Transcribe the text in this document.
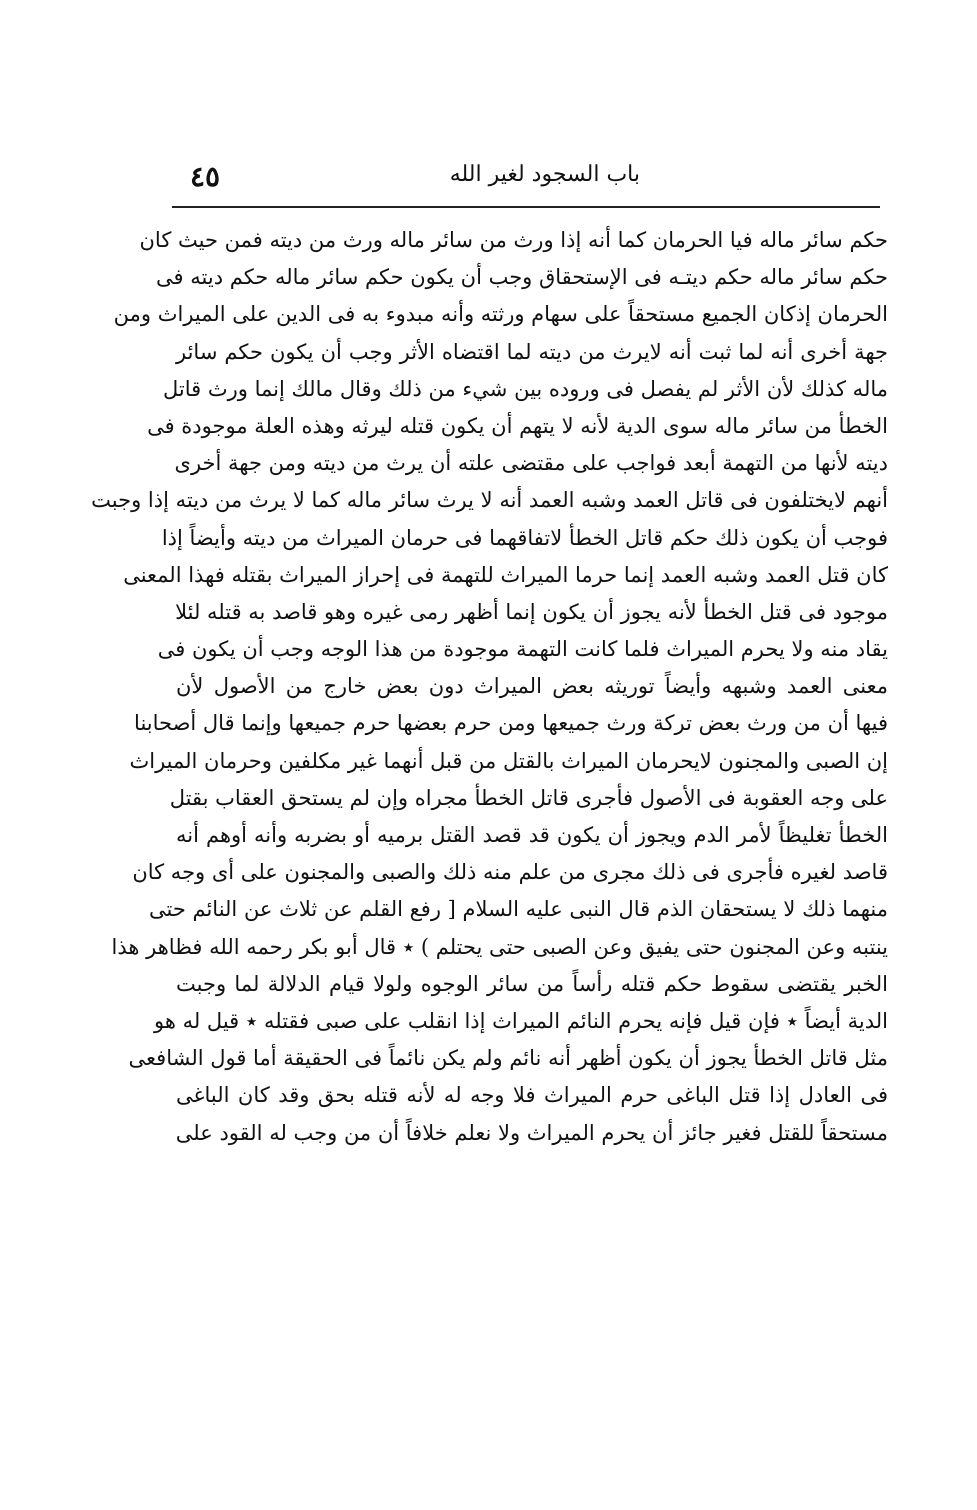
باب السجود لغير الله
٤٥
حكم سائر ماله فيا الحرمان كما أنه إذا ورث من سائر ماله ورث من ديته فمن حيث كان
حكم سائر ماله حكم ديتـه فى الإستحقاق وجب أن يكون حكم سائر ماله حكم ديته فى
الحرمان إذكان الجميع مستحقاً على سهام ورثته وأنه مبدوء به فى الدين على الميراث ومن
جهة أخرى أنه لما ثبت أنه لايرث من ديته لما اقتضاه الأثر وجب أن يكون حكم سائر
ماله كذلك لأن الأثر لم يفصل فى وروده بين شيء من ذلك وقال مالك إنما ورث قاتل
الخطأ من سائر ماله سوى الدية لأنه لا يتهم أن يكون قتله ليرثه وهذه العلة موجودة فى
ديته لأنها من التهمة أبعد فواجب على مقتضى علته أن يرث من ديته ومن جهة أخرى
أنهم لايختلفون فى قاتل العمد وشبه العمد أنه لا يرث سائر ماله كما لا يرث من ديته إذا وجبت
فوجب أن يكون ذلك حكم قاتل الخطأ لاتفاقهما فى حرمان الميراث من ديته وأيضاً إذا
كان قتل العمد وشبه العمد إنما حرما الميراث للتهمة فى إحراز الميراث بقتله فهذا المعنى
موجود فى قتل الخطأ لأنه يجوز أن يكون إنما أظهر رمى غيره وهو قاصد به قتله لئلا
يقاد منه ولا يحرم الميراث فلما كانت التهمة موجودة من هذا الوجه وجب أن يكون فى
معنى العمد وشبهه وأيضاً توريثه بعض الميراث دون بعض خارج من الأصول لأن
فيها أن من ورث بعض تركة ورث جميعها ومن حرم بعضها حرم جميعها وإنما قال أصحابنا
إن الصبى والمجنون لايحرمان الميراث بالقتل من قبل أنهما غير مكلفين وحرمان الميراث
على وجه العقوبة فى الأصول فأجرى قاتل الخطأ مجراه وإن لم يستحق العقاب بقتل
الخطأ تغليظاً لأمر الدم ويجوز أن يكون قد قصد القتل برميه أو بضربه وأنه أوهم أنه
قاصد لغيره فأجرى فى ذلك مجرى من علم منه ذلك والصبى والمجنون على أى وجه كان
منهما ذلك لا يستحقان الذم قال النبى عليه السلام [ رفع القلم عن ثلاث عن النائم حتى
ينتبه وعن المجنون حتى يفيق وعن الصبى حتى يحتلم ) ٭ قال أبو بكر رحمه الله فظاهر هذا
الخبر يقتضى سقوط حكم قتله رأساً من سائر الوجوه ولولا قيام الدلالة لما وجبت
الدية أيضاً ٭ فإن قيل فإنه يحرم النائم الميراث إذا انقلب على صبى فقتله ٭ قيل له هو
مثل قاتل الخطأ يجوز أن يكون أظهر أنه نائم ولم يكن نائماً فى الحقيقة أما قول الشافعى
فى العادل إذا قتل الباغى حرم الميراث فلا وجه له لأنه قتله بحق وقد كان الباغى
مستحقاً للقتل فغير جائز أن يحرم الميراث ولا نعلم خلافاً أن من وجب له القود على
